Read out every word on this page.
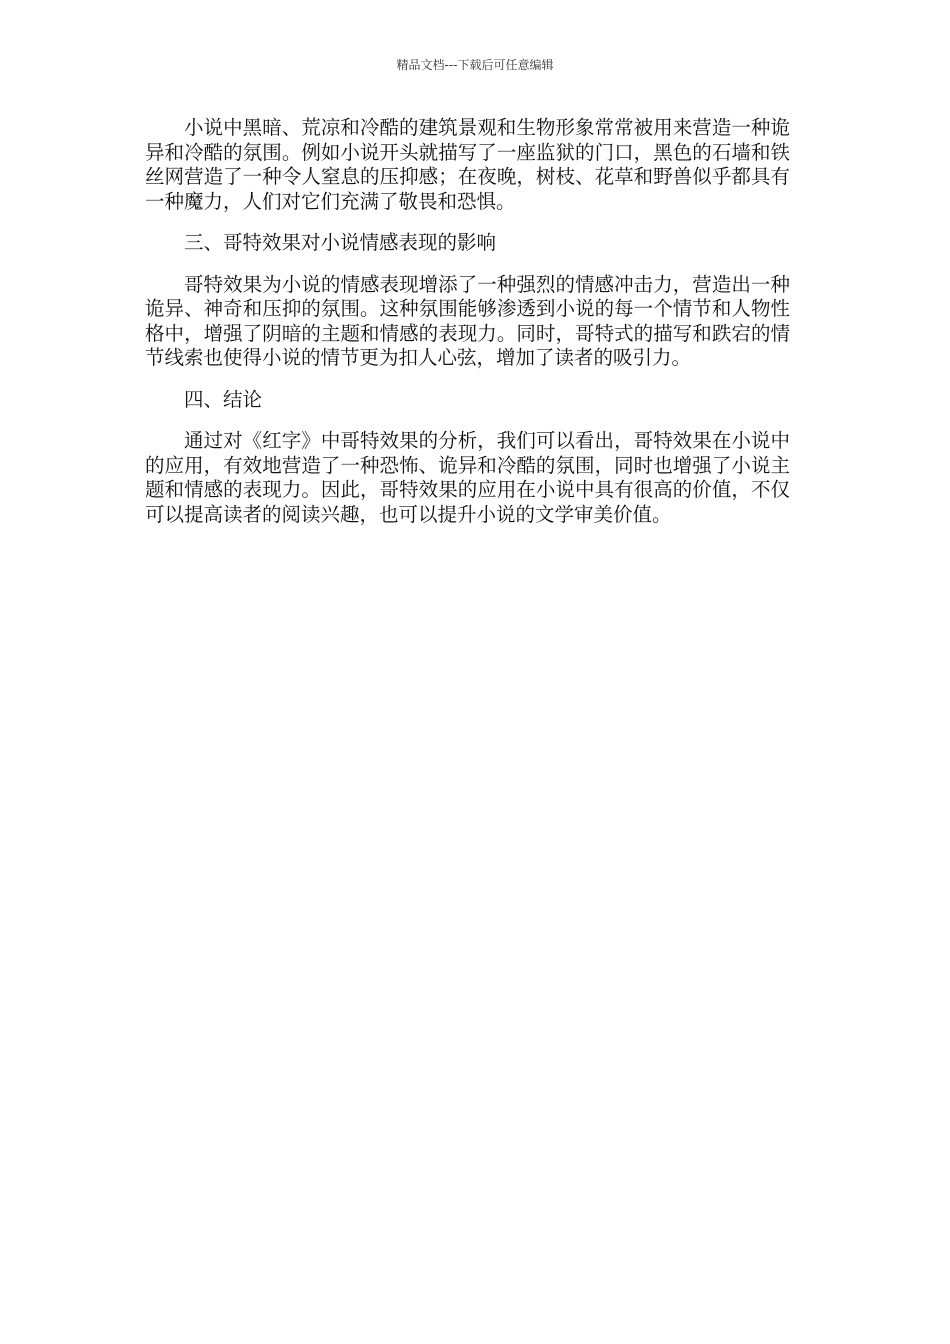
精品文档---下载后可任意编辑

小说中黑暗、荒凉和冷酷的建筑景观和生物形象常常被用来营造一种诡异和冷酷的氛围。例如小说开头就描写了一座监狱的门口，黑色的石墙和铁丝网营造了一种令人窒息的压抑感；在夜晚，树枝、花草和野兽似乎都具有一种魔力，人们对它们充满了敬畏和恐惧。

三、哥特效果对小说情感表现的影响

哥特效果为小说的情感表现增添了一种强烈的情感冲击力，营造出一种诡异、神奇和压抑的氛围。这种氛围能够渗透到小说的每一个情节和人物性格中，增强了阴暗的主题和情感的表现力。同时，哥特式的描写和跌宕的情节线索也使得小说的情节更为扣人心弦，增加了读者的吸引力。

四、结论

通过对《红字》中哥特效果的分析，我们可以看出，哥特效果在小说中的应用，有效地营造了一种恐怖、诡异和冷酷的氛围，同时也增强了小说主题和情感的表现力。因此，哥特效果的应用在小说中具有很高的价值，不仅可以提高读者的阅读兴趣，也可以提升小说的文学审美价值。
